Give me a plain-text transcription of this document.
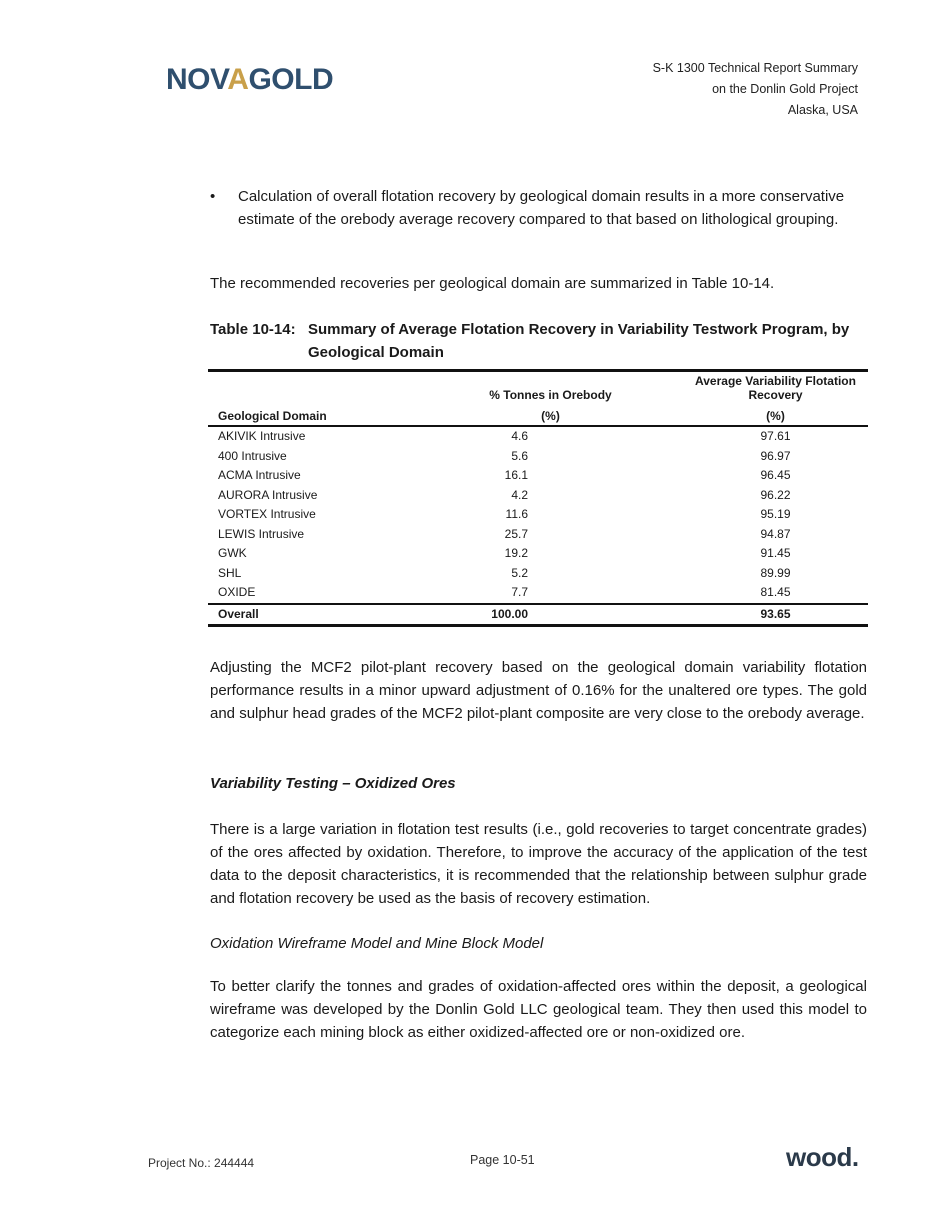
NOVAGOLD	S-K 1300 Technical Report Summary
on the Donlin Gold Project
Alaska, USA
• Calculation of overall flotation recovery by geological domain results in a more conservative estimate of the orebody average recovery compared to that based on lithological grouping.
The recommended recoveries per geological domain are summarized in Table 10-14.
Table 10-14: Summary of Average Flotation Recovery in Variability Testwork Program, by Geological Domain
	% Tonnes in Orebody	Average Variability Flotation Recovery
Geological Domain	(%)	(%)
AKIVIK Intrusive	4.6	97.61
400 Intrusive	5.6	96.97
ACMA Intrusive	16.1	96.45
AURORA Intrusive	4.2	96.22
VORTEX Intrusive	11.6	95.19
LEWIS Intrusive	25.7	94.87
GWK	19.2	91.45
SHL	5.2	89.99
OXIDE	7.7	81.45
Overall	100.00	93.65
Adjusting the MCF2 pilot-plant recovery based on the geological domain variability flotation performance results in a minor upward adjustment of 0.16% for the unaltered ore types. The gold and sulphur head grades of the MCF2 pilot-plant composite are very close to the orebody average.
Variability Testing – Oxidized Ores
There is a large variation in flotation test results (i.e., gold recoveries to target concentrate grades) of the ores affected by oxidation. Therefore, to improve the accuracy of the application of the test data to the deposit characteristics, it is recommended that the relationship between sulphur grade and flotation recovery be used as the basis of recovery estimation.
Oxidation Wireframe Model and Mine Block Model
To better clarify the tonnes and grades of oxidation-affected ores within the deposit, a geological wireframe was developed by the Donlin Gold LLC geological team. They then used this model to categorize each mining block as either oxidized-affected ore or non-oxidized ore.
Project No.: 244444	Page 10-51	wood.
